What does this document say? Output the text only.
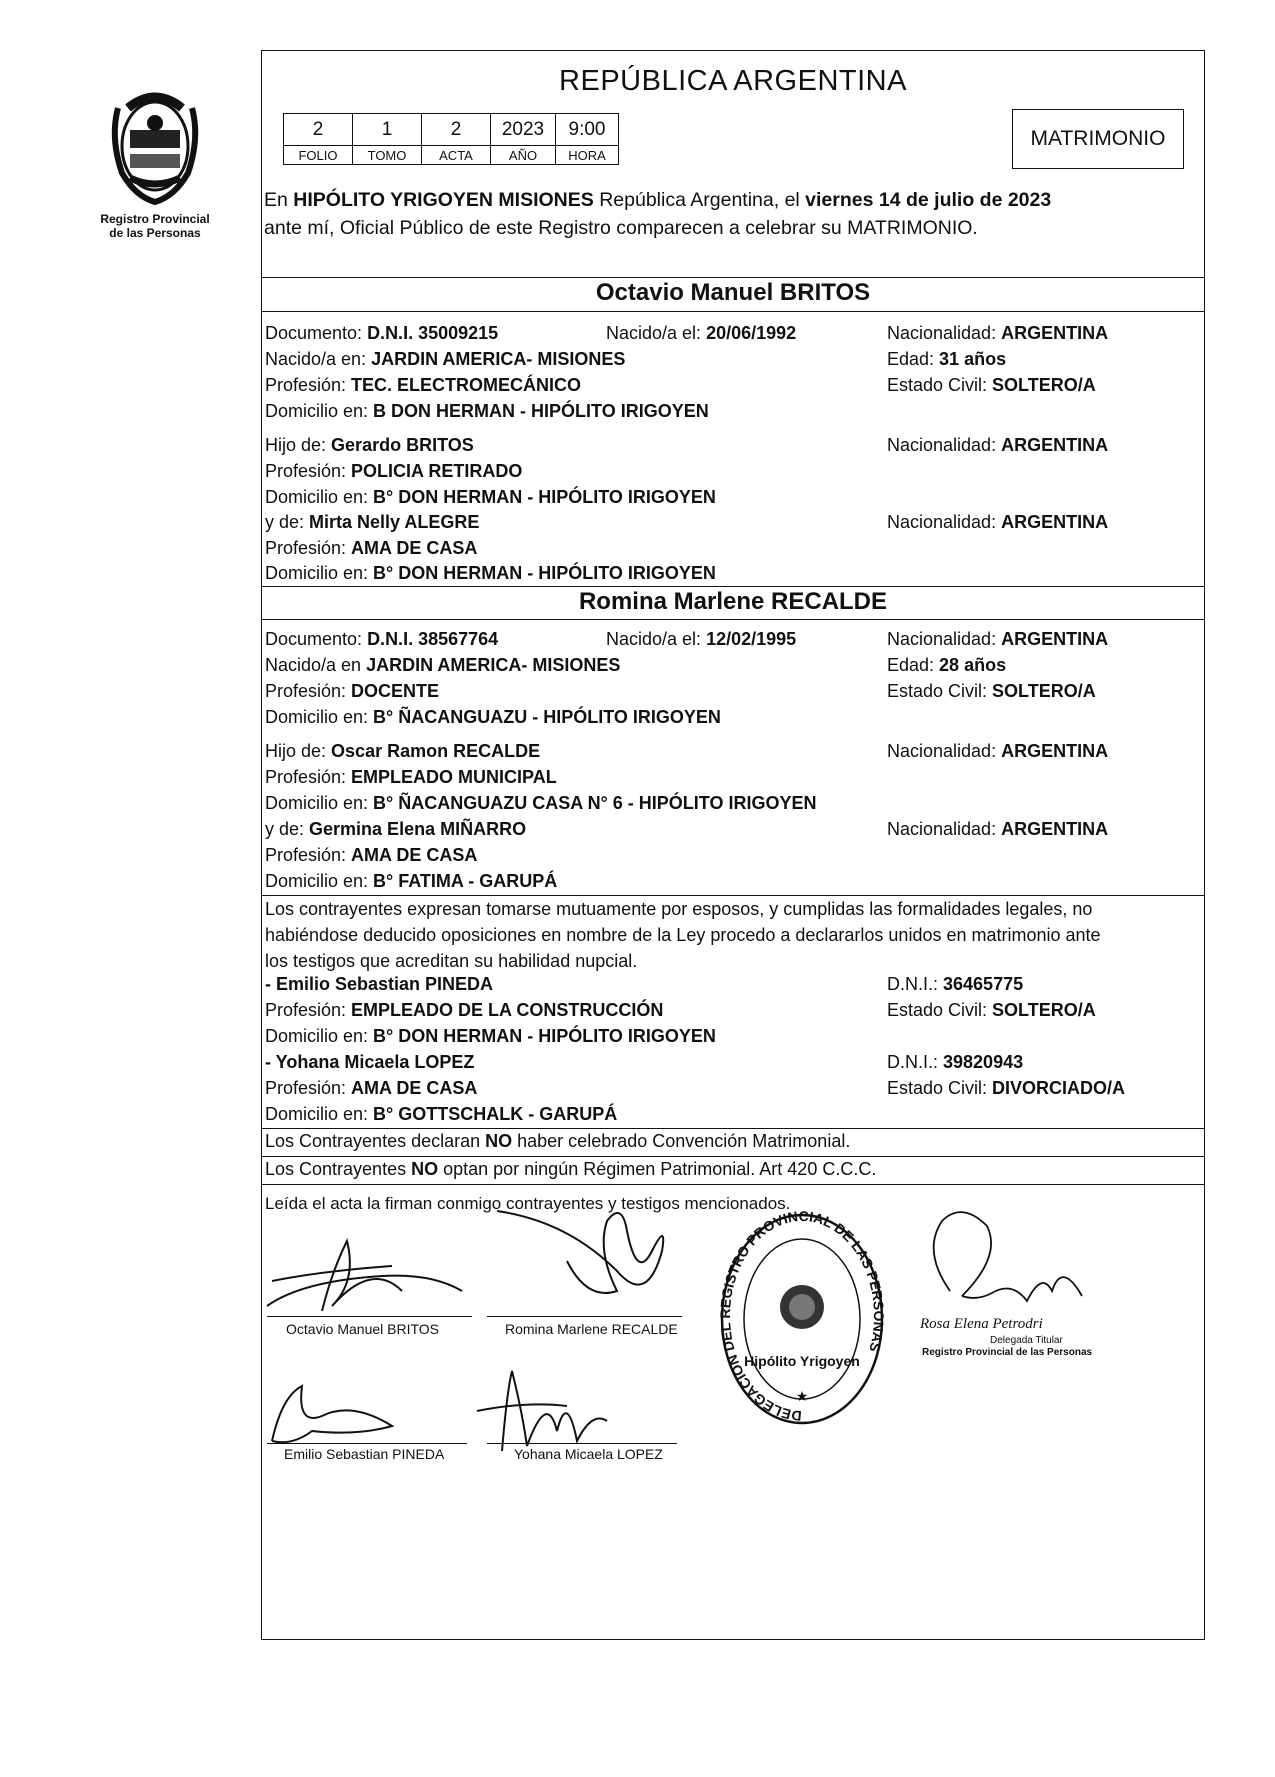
Registro Provincial
de las Personas
REPÚBLICA ARGENTINA
2	1	2	2023	9:00
FOLIO	TOMO	ACTA	AÑO	HORA
MATRIMONIO
En HIPÓLITO YRIGOYEN MISIONES República Argentina, el viernes 14 de julio de 2023
ante mí, Oficial Público de este Registro comparecen a celebrar su MATRIMONIO.
Octavio Manuel BRITOS
Documento: D.N.I. 35009215	Nacido/a el: 20/06/1992	Nacionalidad: ARGENTINA
Nacido/a en: JARDIN AMERICA- MISIONES	Edad: 31 años
Profesión: TEC. ELECTROMECÁNICO	Estado Civil: SOLTERO/A
Domicilio en: B DON HERMAN - HIPÓLITO IRIGOYEN
Hijo de: Gerardo BRITOS	Nacionalidad: ARGENTINA
Profesión: POLICIA RETIRADO
Domicilio en: B° DON HERMAN - HIPÓLITO IRIGOYEN
y de: Mirta Nelly ALEGRE	Nacionalidad: ARGENTINA
Profesión: AMA DE CASA
Domicilio en: B° DON HERMAN - HIPÓLITO IRIGOYEN
Romina Marlene RECALDE
Documento: D.N.I. 38567764	Nacido/a el: 12/02/1995	Nacionalidad: ARGENTINA
Nacido/a en JARDIN AMERICA- MISIONES	Edad: 28 años
Profesión: DOCENTE	Estado Civil: SOLTERO/A
Domicilio en: B° ÑACANGUAZU - HIPÓLITO IRIGOYEN
Hijo de: Oscar Ramon RECALDE	Nacionalidad: ARGENTINA
Profesión: EMPLEADO MUNICIPAL
Domicilio en: B° ÑACANGUAZU CASA N° 6 - HIPÓLITO IRIGOYEN
y de: Germina Elena MIÑARRO	Nacionalidad: ARGENTINA
Profesión: AMA DE CASA
Domicilio en: B° FATIMA - GARUPÁ
Los contrayentes expresan tomarse mutuamente por esposos, y cumplidas las formalidades legales, no
habiéndose deducido oposiciones en nombre de la Ley procedo a declararlos unidos en matrimonio ante
los testigos que acreditan su habilidad nupcial.
- Emilio Sebastian PINEDA	D.N.I.: 36465775
Profesión: EMPLEADO DE LA CONSTRUCCIÓN	Estado Civil: SOLTERO/A
Domicilio en: B° DON HERMAN - HIPÓLITO IRIGOYEN
- Yohana Micaela LOPEZ	D.N.I.: 39820943
Profesión: AMA DE CASA	Estado Civil: DIVORCIADO/A
Domicilio en: B° GOTTSCHALK - GARUPÁ
Los Contrayentes declaran NO haber celebrado Convención Matrimonial.
Los Contrayentes NO optan por ningún Régimen Patrimonial. Art 420 C.C.C.
Leída el acta la firman conmigo contrayentes y testigos mencionados.
Octavio Manuel BRITOS	Romina Marlene RECALDE
Emilio Sebastian PINEDA	Yohana Micaela LOPEZ
DELEGACION DEL REGISTRO PROVINCIAL DE LAS PERSONAS
Hipólito Yrigoyen
★
Rosa Elena Petrodri
Delegada Titular
Registro Provincial de las Personas
